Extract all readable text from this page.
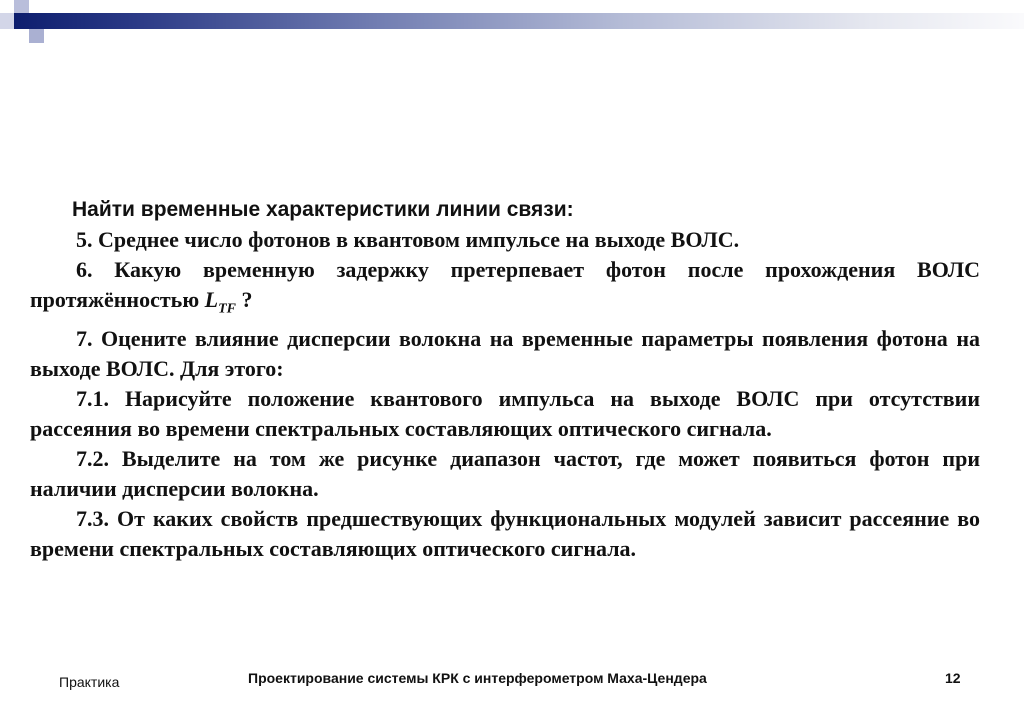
Найти временные характеристики линии связи:

5. Среднее число фотонов в квантовом импульсе на выходе ВОЛС.

6. Какую временную задержку претерпевает фотон после прохождения ВОЛС протяжённостью $L_{TF}$ ?

7. Оцените влияние дисперсии волокна на временные параметры появления фотона на выходе ВОЛС. Для этого:

7.1. Нарисуйте положение квантового импульса на выходе ВОЛС при отсутствии рассеяния во времени спектральных составляющих оптического сигнала.

7.2. Выделите на том же рисунке диапазон частот, где может появиться фотон при наличии дисперсии волокна.

7.3. От каких свойств предшествующих функциональных модулей зависит рассеяние во времени спектральных составляющих оптического сигнала.

Практика	Проектирование системы КРК с интерферометром Маха-Цендера	12
